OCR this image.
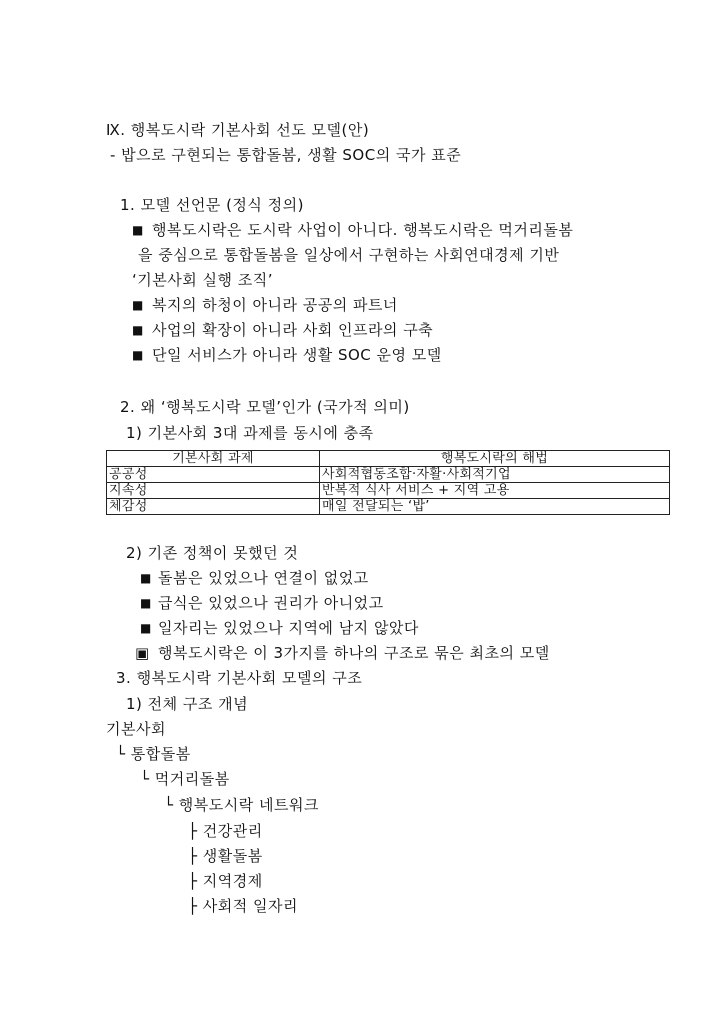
Ⅸ. 행복도시락 기본사회 선도 모델(안)
- 밥으로 구현되는 통합돌봄, 생활 SOC의 국가 표준
1. 모델 선언문 (정식 정의)
■ 행복도시락은 도시락 사업이 아니다. 행복도시락은 먹거리돌봄
을 중심으로 통합돌봄을 일상에서 구현하는 사회연대경제 기반
‘기본사회 실행 조직’
■ 복지의 하청이 아니라 공공의 파트너
■ 사업의 확장이 아니라 사회 인프라의 구축
■ 단일 서비스가 아니라 생활 SOC 운영 모델
2. 왜 ‘행복도시락 모델’인가 (국가적 의미)
1) 기본사회 3대 과제를 동시에 충족
기본사회 과제	행복도시락의 해법
공공성	사회적협동조합·자활·사회적기업
지속성	반복적 식사 서비스 + 지역 고용
체감성	매일 전달되는 ‘밥’
2) 기존 정책이 못했던 것
■ 돌봄은 있었으나 연결이 없었고
■ 급식은 있었으나 권리가 아니었고
■ 일자리는 있었으나 지역에 남지 않았다
▣ 행복도시락은 이 3가지를 하나의 구조로 묶은 최초의 모델
3. 행복도시락 기본사회 모델의 구조
1) 전체 구조 개념
기본사회
└ 통합돌봄
└ 먹거리돌봄
└ 행복도시락 네트워크
├ 건강관리
├ 생활돌봄
├ 지역경제
├ 사회적 일자리
